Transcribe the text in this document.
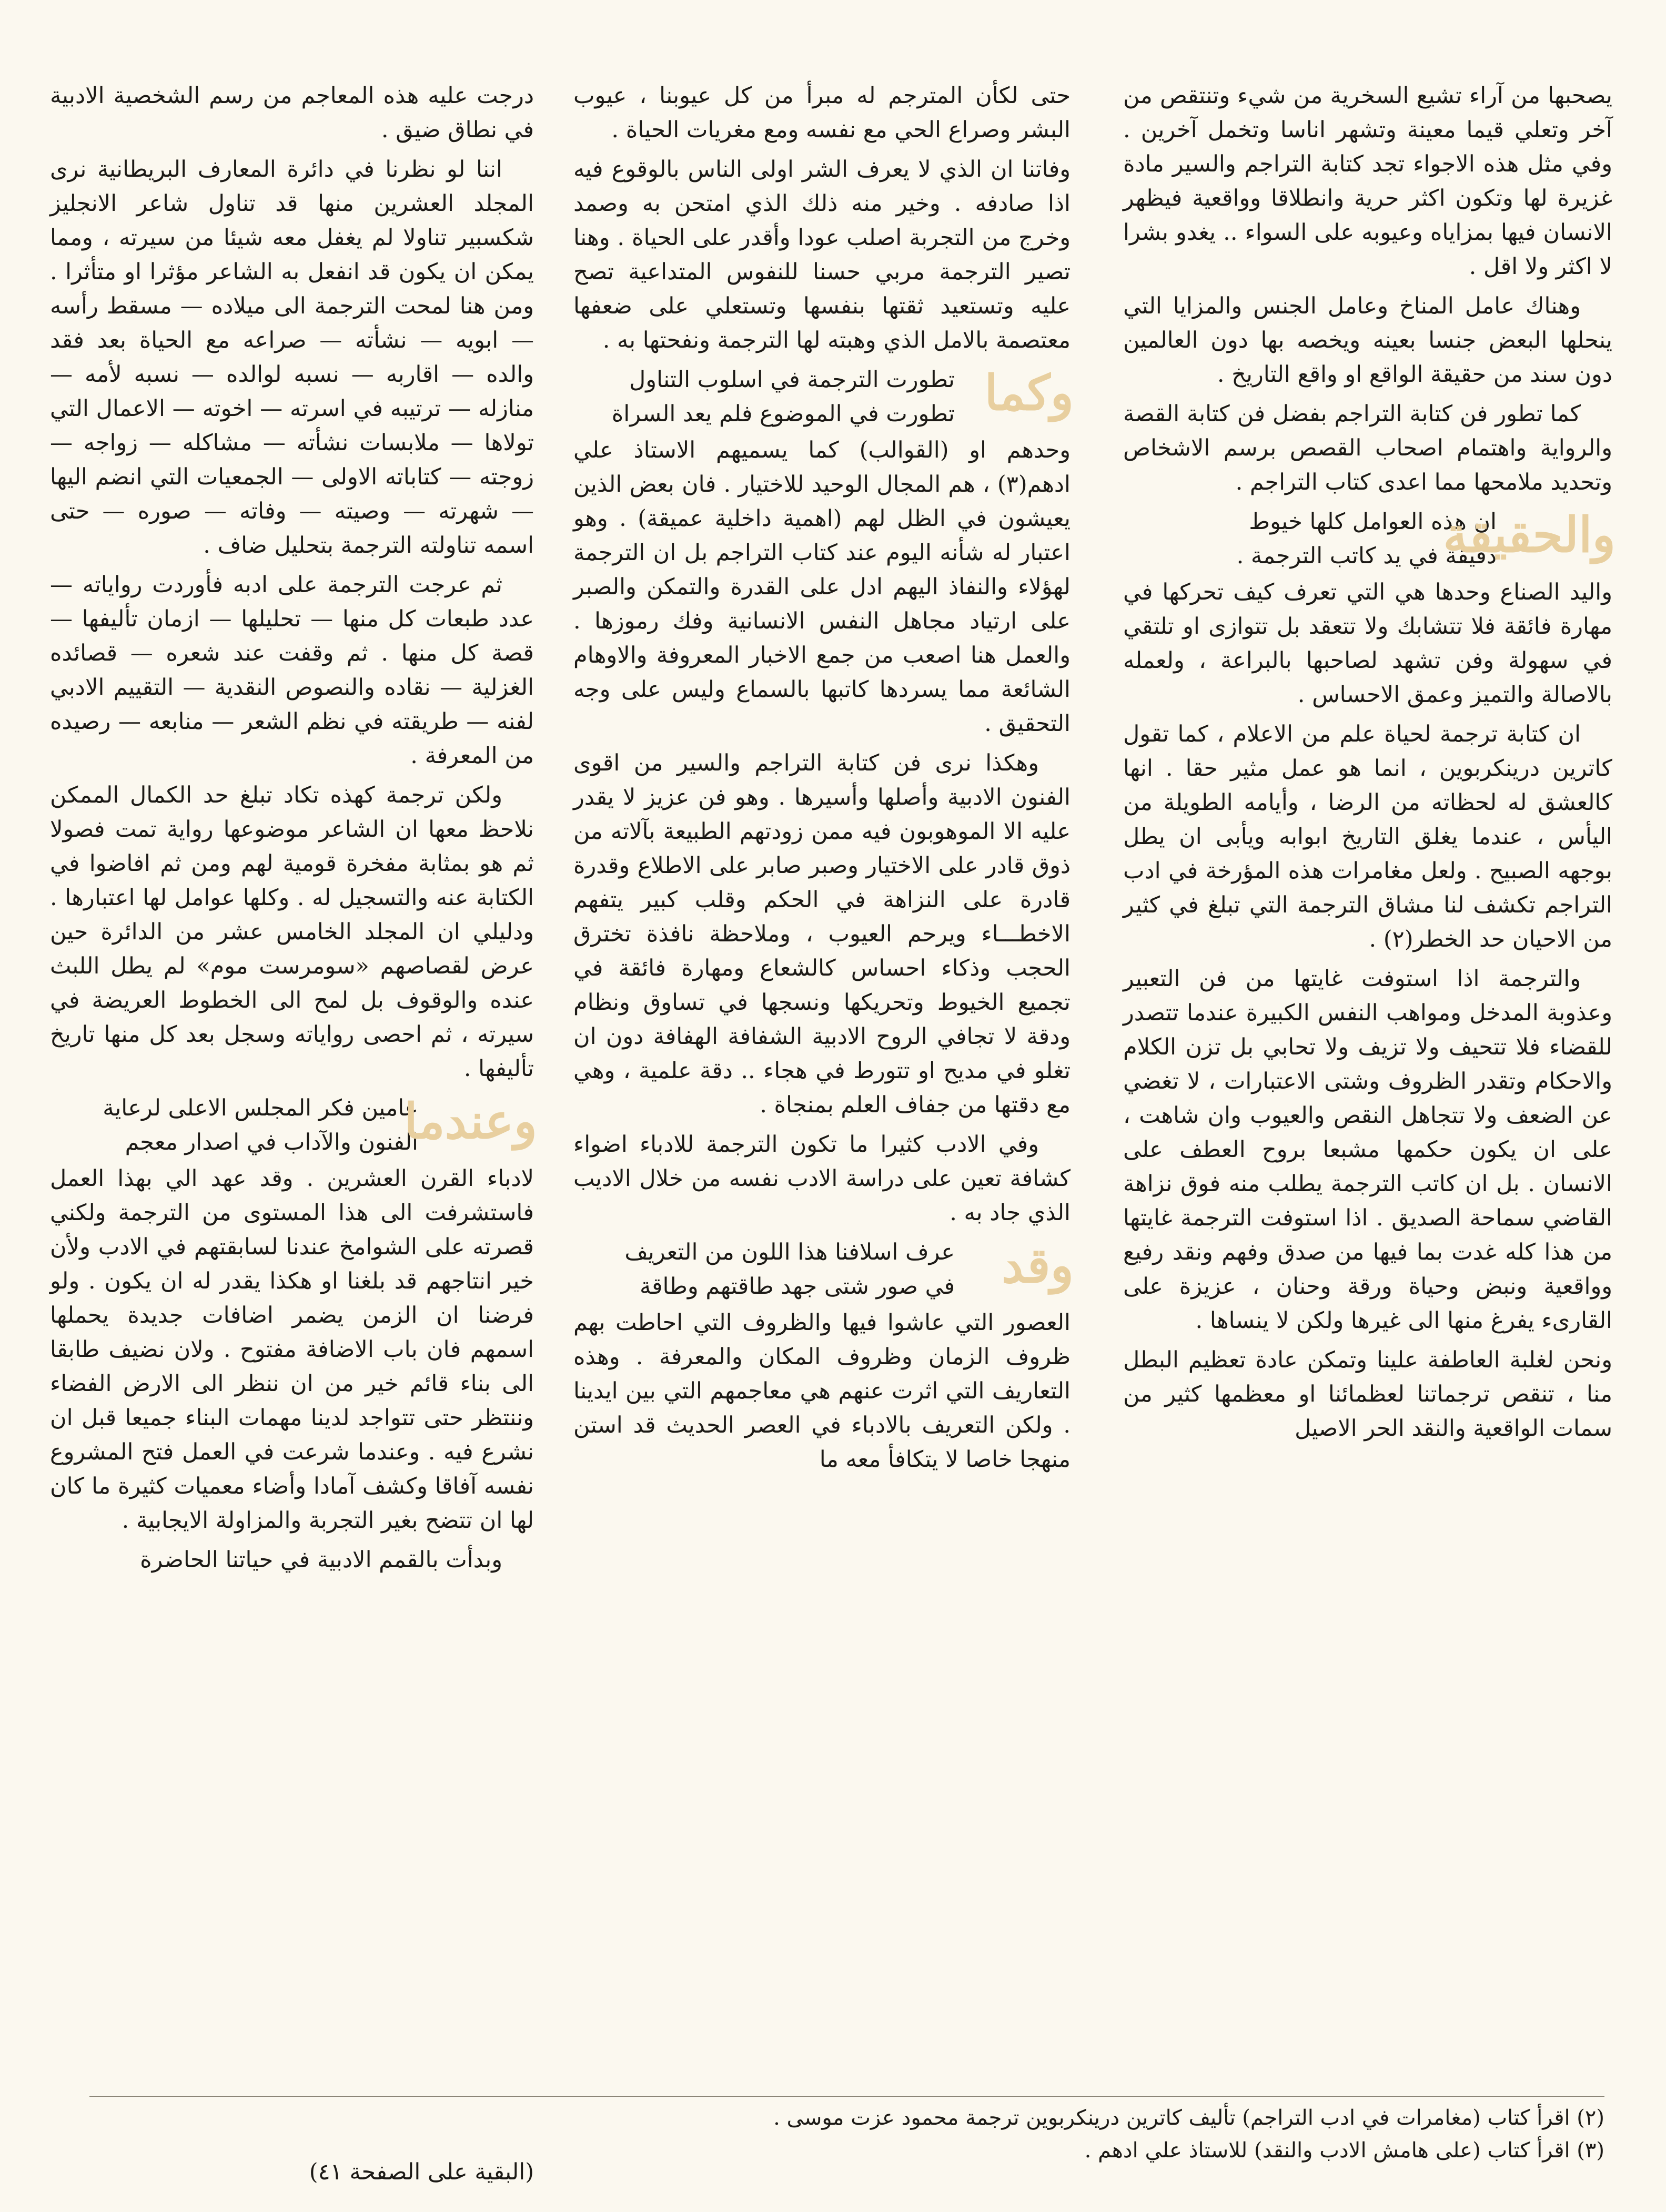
يصحبها من آراء تشيع السخرية من شيء وتنتقص من آخر وتعلي قيما معينة وتشهر اناسا وتخمل آخرين . وفي مثل هذه الاجواء تجد كتابة التراجم والسير مادة غزيرة لها وتكون اكثر حرية وانطلاقا وواقعية فيظهر الانسان فيها بمزاياه وعيوبه على السواء .. يغدو بشرا لا اكثر ولا اقل .

وهناك عامل المناخ وعامل الجنس والمزايا التي ينحلها البعض جنسا بعينه ويخصه بها دون العالمين دون سند من حقيقة الواقع او واقع التاريخ .

كما تطور فن كتابة التراجم بفضل فن كتابة القصة والرواية واهتمام اصحاب القصص برسم الاشخاص وتحديد ملامحها مما اعدى كتاب التراجم .

والحقيقة
ان هذه العوامل كلها خيوط
دقيقة في يد كاتب الترجمة .

واليد الصناع وحدها هي التي تعرف كيف تحركها في مهارة فائقة فلا تتشابك ولا تتعقد بل تتوازى او تلتقي في سهولة وفن تشهد لصاحبها بالبراعة ، ولعمله بالاصالة والتميز وعمق الاحساس .

ان كتابة ترجمة لحياة علم من الاعلام ، كما تقول كاترين درينكربوين ، انما هو عمل مثير حقا . انها كالعشق له لحظاته من الرضا ، وأيامه الطويلة من اليأس ، عندما يغلق التاريخ ابوابه ويأبى ان يطل بوجهه الصبيح . ولعل مغامرات هذه المؤرخة في ادب التراجم تكشف لنا مشاق الترجمة التي تبلغ في كثير من الاحيان حد الخطر(٢) .

والترجمة اذا استوفت غايتها من فن التعبير وعذوبة المدخل ومواهب النفس الكبيرة عندما تتصدر للقضاء فلا تتحيف ولا تزيف ولا تحابي بل تزن الكلام والاحكام وتقدر الظروف وشتى الاعتبارات ، لا تغضي عن الضعف ولا تتجاهل النقص والعيوب وان شاهت ، على ان يكون حكمها مشبعا بروح العطف على الانسان . بل ان كاتب الترجمة يطلب منه فوق نزاهة القاضي سماحة الصديق . اذا استوفت الترجمة غايتها من هذا كله غدت بما فيها من صدق وفهم ونقد رفيع وواقعية ونبض وحياة ورقة وحنان ، عزيزة على القارىء يفرغ منها الى غيرها ولكن لا ينساها .

ونحن لغلبة العاطفة علينا وتمكن عادة تعظيم البطل منا ، تنقص ترجماتنا لعظمائنا او معظمها كثير من سمات الواقعية والنقد الحر الاصيل

حتى لكأن المترجم له مبرأ من كل عيوبنا ، عيوب البشر وصراع الحي مع نفسه ومع مغريات الحياة .

وفاتنا ان الذي لا يعرف الشر اولى الناس بالوقوع فيه اذا صادفه . وخير منه ذلك الذي امتحن به وصمد وخرج من التجربة اصلب عودا وأقدر على الحياة . وهنا تصير الترجمة مربي حسنا للنفوس المتداعية تصح عليه وتستعيد ثقتها بنفسها وتستعلي على ضعفها معتصمة بالامل الذي وهبته لها الترجمة ونفحتها به .

وكما
تطورت الترجمة في اسلوب التناول
تطورت في الموضوع فلم يعد السراة

وحدهم او (القوالب) كما يسميهم الاستاذ علي ادهم(٣) ، هم المجال الوحيد للاختيار . فان بعض الذين يعيشون في الظل لهم (اهمية داخلية عميقة) . وهو اعتبار له شأنه اليوم عند كتاب التراجم بل ان الترجمة لهؤلاء والنفاذ اليهم ادل على القدرة والتمكن والصبر على ارتياد مجاهل النفس الانسانية وفك رموزها . والعمل هنا اصعب من جمع الاخبار المعروفة والاوهام الشائعة مما يسردها كاتبها بالسماع وليس على وجه التحقيق .

وهكذا نرى فن كتابة التراجم والسير من اقوى الفنون الادبية وأصلها وأسيرها . وهو فن عزيز لا يقدر عليه الا الموهوبون فيه ممن زودتهم الطبيعة بآلاته من ذوق قادر على الاختيار وصبر صابر على الاطلاع وقدرة قادرة على النزاهة في الحكم وقلب كبير يتفهم الاخطـــاء ويرحم العيوب ، وملاحظة نافذة تخترق الحجب وذكاء احساس كالشعاع ومهارة فائقة في تجميع الخيوط وتحريكها ونسجها في تساوق ونظام ودقة لا تجافي الروح الادبية الشفافة الهفافة دون ان تغلو في مديح او تتورط في هجاء .. دقة علمية ، وهي مع دقتها من جفاف العلم بمنجاة .

وفي الادب كثيرا ما تكون الترجمة للادباء اضواء كشافة تعين على دراسة الادب نفسه من خلال الاديب الذي جاد به .

وقد
عرف اسلافنا هذا اللون من التعريف
في صور شتى جهد طاقتهم وطاقة

العصور التي عاشوا فيها والظروف التي احاطت بهم ظروف الزمان وظروف المكان والمعرفة . وهذه التعاريف التي اثرت عنهم هي معاجمهم التي بين ايدينا . ولكن التعريف بالادباء في العصر الحديث قد استن منهجا خاصا لا يتكافأ معه ما

درجت عليه هذه المعاجم من رسم الشخصية الادبية في نطاق ضيق .

اننا لو نظرنا في دائرة المعارف البريطانية نرى المجلد العشرين منها قد تناول شاعر الانجليز شكسبير تناولا لم يغفل معه شيئا من سيرته ، ومما يمكن ان يكون قد انفعل به الشاعر مؤثرا او متأثرا . ومن هنا لمحت الترجمة الى ميلاده — مسقط رأسه — ابويه — نشأته — صراعه مع الحياة بعد فقد والده — اقاربه — نسبه لوالده — نسبه لأمه — منازله — ترتيبه في اسرته — اخوته — الاعمال التي تولاها — ملابسات نشأته — مشاكله — زواجه — زوجته — كتاباته الاولى — الجمعيات التي انضم اليها — شهرته — وصيته — وفاته — صوره — حتى اسمه تناولته الترجمة بتحليل ضاف .

ثم عرجت الترجمة على ادبه فأوردت رواياته — عدد طبعات كل منها — تحليلها — ازمان تأليفها — قصة كل منها . ثم وقفت عند شعره — قصائده الغزلية — نقاده والنصوص النقدية — التقييم الادبي لفنه — طريقته في نظم الشعر — منابعه — رصيده من المعرفة .

ولكن ترجمة كهذه تكاد تبلغ حد الكمال الممكن نلاحظ معها ان الشاعر موضوعها رواية تمت فصولا ثم هو بمثابة مفخرة قومية لهم ومن ثم افاضوا في الكتابة عنه والتسجيل له . وكلها عوامل لها اعتبارها . ودليلي ان المجلد الخامس عشر من الدائرة حين عرض لقصاصهم «سومرست موم» لم يطل اللبث عنده والوقوف بل لمح الى الخطوط العريضة في سيرته ، ثم احصى رواياته وسجل بعد كل منها تاريخ تأليفها .

وعندما
عامين فكر المجلس الاعلى لرعاية
الفنون والآداب في اصدار معجم

لادباء القرن العشرين . وقد عهد الي بهذا العمل فاستشرفت الى هذا المستوى من الترجمة ولكني قصرته على الشوامخ عندنا لسابقتهم في الادب ولأن خير انتاجهم قد بلغنا او هكذا يقدر له ان يكون . ولو فرضنا ان الزمن يضمر اضافات جديدة يحملها اسمهم فان باب الاضافة مفتوح . ولان نضيف طابقا الى بناء قائم خير من ان ننظر الى الارض الفضاء وننتظر حتى تتواجد لدينا مهمات البناء جميعا قبل ان نشرع فيه . وعندما شرعت في العمل فتح المشروع نفسه آفاقا وكشف آمادا وأضاء معميات كثيرة ما كان لها ان تتضح بغير التجربة والمزاولة الايجابية .

وبدأت بالقمم الادبية في حياتنا الحاضرة

(البقية على الصفحة ٤١)
(٢) اقرأ كتاب (مغامرات في ادب التراجم) تأليف كاترين درينكربوين ترجمة محمود عزت موسى .
(٣) اقرأ كتاب (على هامش الادب والنقد) للاستاذ علي ادهم .
